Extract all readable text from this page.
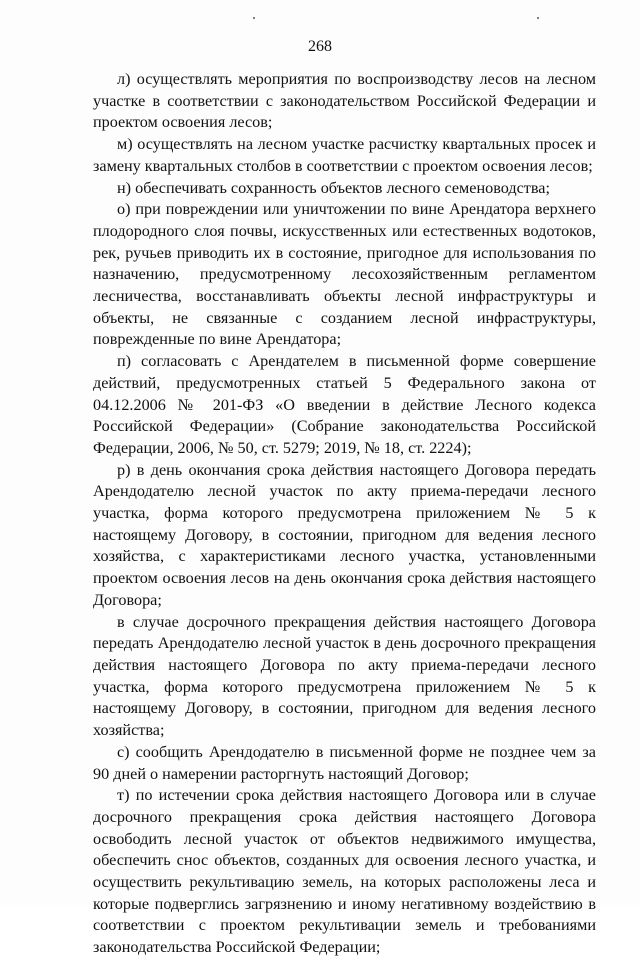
268

л) осуществлять мероприятия по воспроизводству лесов на лесном участке в соответствии с законодательством Российской Федерации и проектом освоения лесов;

м) осуществлять на лесном участке расчистку квартальных просек и замену квартальных столбов в соответствии с проектом освоения лесов;

н) обеспечивать сохранность объектов лесного семеноводства;

о) при повреждении или уничтожении по вине Арендатора верхнего плодородного слоя почвы, искусственных или естественных водотоков, рек, ручьев приводить их в состояние, пригодное для использования по назначению, предусмотренному лесохозяйственным регламентом лесничества, восстанавливать объекты лесной инфраструктуры и объекты, не связанные с созданием лесной инфраструктуры, поврежденные по вине Арендатора;

п) согласовать с Арендателем в письменной форме совершение действий, предусмотренных статьей 5 Федерального закона от 04.12.2006 № 201-ФЗ «О введении в действие Лесного кодекса Российской Федерации» (Собрание законодательства Российской Федерации, 2006, № 50, ст. 5279; 2019, № 18, ст. 2224);

р) в день окончания срока действия настоящего Договора передать Арендодателю лесной участок по акту приема-передачи лесного участка, форма которого предусмотрена приложением № 5 к настоящему Договору, в состоянии, пригодном для ведения лесного хозяйства, с характеристиками лесного участка, установленными проектом освоения лесов на день окончания срока действия настоящего Договора;

в случае досрочного прекращения действия настоящего Договора передать Арендодателю лесной участок в день досрочного прекращения действия настоящего Договора по акту приема-передачи лесного участка, форма которого предусмотрена приложением № 5 к настоящему Договору, в состоянии, пригодном для ведения лесного хозяйства;

с) сообщить Арендодателю в письменной форме не позднее чем за 90 дней о намерении расторгнуть настоящий Договор;

т) по истечении срока действия настоящего Договора или в случае досрочного прекращения срока действия настоящего Договора освободить лесной участок от объектов недвижимого имущества, обеспечить снос объектов, созданных для освоения лесного участка, и осуществить рекультивацию земель, на которых расположены леса и которые подверглись загрязнению и иному негативному воздействию в соответствии с проектом рекультивации земель и требованиями законодательства Российской Федерации;
